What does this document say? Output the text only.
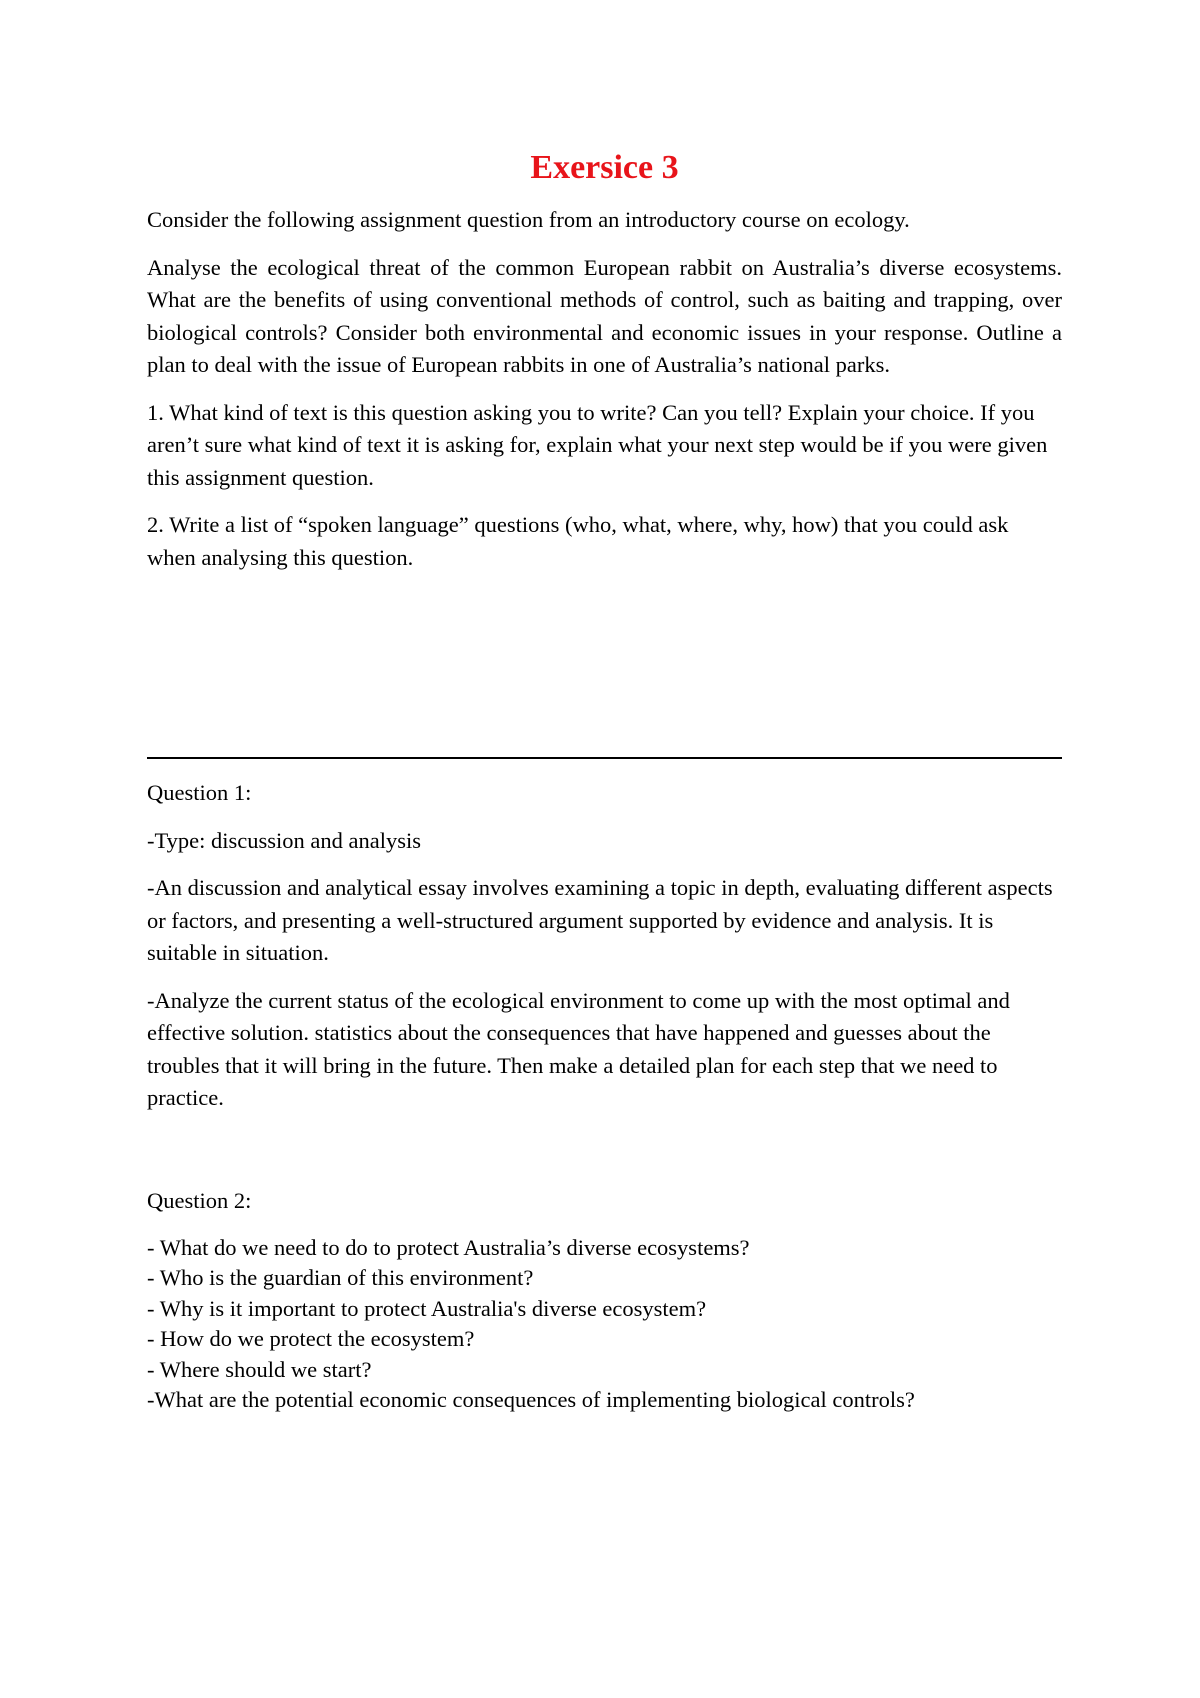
Exersice 3

Consider the following assignment question from an introductory course on ecology.

Analyse the ecological threat of the common European rabbit on Australia’s diverse ecosystems. What are the benefits of using conventional methods of control, such as baiting and trapping, over biological controls? Consider both environmental and economic issues in your response. Outline a plan to deal with the issue of European rabbits in one of Australia’s national parks.

1. What kind of text is this question asking you to write? Can you tell? Explain your choice. If you aren’t sure what kind of text it is asking for, explain what your next step would be if you were given this assignment question.

2. Write a list of “spoken language” questions (who, what, where, why, how) that you could ask when analysing this question.

Question 1:

-Type: discussion and analysis

-An discussion and analytical essay involves examining a topic in depth, evaluating different aspects or factors, and presenting a well-structured argument supported by evidence and analysis. It is suitable in situation.

-Analyze the current status of the ecological environment to come up with the most optimal and effective solution. statistics about the consequences that have happened and guesses about the troubles that it will bring in the future. Then make a detailed plan for each step that we need to practice.

Question 2:

- What do we need to do to protect Australia’s diverse ecosystems?
- Who is the guardian of this environment?
- Why is it important to protect Australia's diverse ecosystem?
- How do we protect the ecosystem?
- Where should we start?
-What are the potential economic consequences of implementing biological controls?
